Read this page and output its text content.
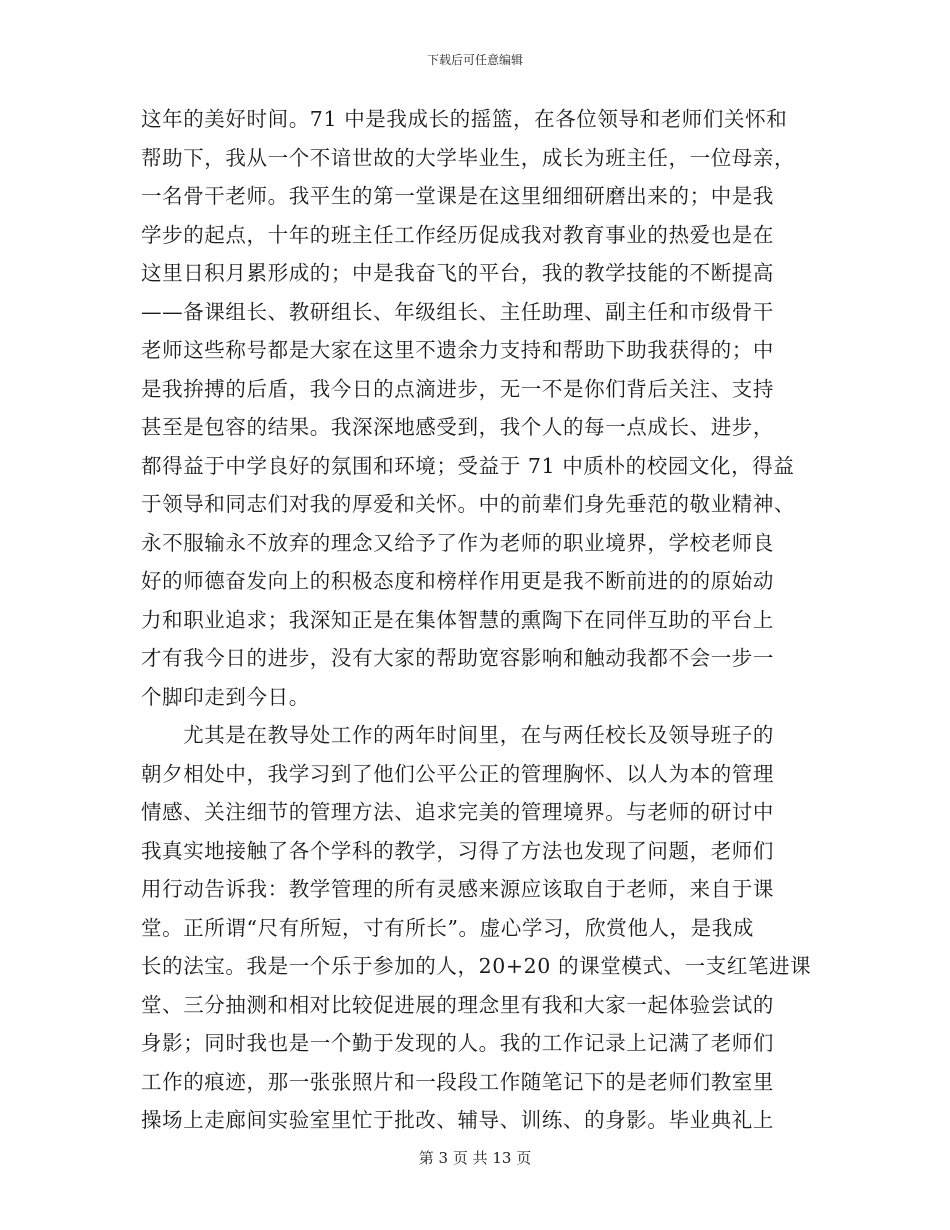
下载后可任意编辑
这年的美好时间。71 中是我成长的摇篮，在各位领导和老师们关怀和
帮助下，我从一个不谙世故的大学毕业生，成长为班主任，一位母亲，
一名骨干老师。我平生的第一堂课是在这里细细研磨出来的；中是我
学步的起点，十年的班主任工作经历促成我对教育事业的热爱也是在
这里日积月累形成的；中是我奋飞的平台，我的教学技能的不断提高
——备课组长、教研组长、年级组长、主任助理、副主任和市级骨干
老师这些称号都是大家在这里不遗余力支持和帮助下助我获得的；中
是我拚搏的后盾，我今日的点滴进步，无一不是你们背后关注、支持
甚至是包容的结果。我深深地感受到，我个人的每一点成长、进步，
都得益于中学良好的氛围和环境；受益于 71 中质朴的校园文化，得益
于领导和同志们对我的厚爱和关怀。中的前辈们身先垂范的敬业精神、
永不服输永不放弃的理念又给予了作为老师的职业境界，学校老师良
好的师德奋发向上的积极态度和榜样作用更是我不断前进的的原始动
力和职业追求；我深知正是在集体智慧的熏陶下在同伴互助的平台上
才有我今日的进步，没有大家的帮助宽容影响和触动我都不会一步一
个脚印走到今日。
　　尤其是在教导处工作的两年时间里，在与两任校长及领导班子的
朝夕相处中，我学习到了他们公平公正的管理胸怀、以人为本的管理
情感、关注细节的管理方法、追求完美的管理境界。与老师的研讨中
我真实地接触了各个学科的教学，习得了方法也发现了问题，老师们
用行动告诉我：教学管理的所有灵感来源应该取自于老师，来自于课
堂。正所谓“尺有所短，寸有所长”。虚心学习，欣赏他人，是我成
长的法宝。我是一个乐于参加的人，20+20 的课堂模式、一支红笔进课
堂、三分抽测和相对比较促进展的理念里有我和大家一起体验尝试的
身影；同时我也是一个勤于发现的人。我的工作记录上记满了老师们
工作的痕迹，那一张张照片和一段段工作随笔记下的是老师们教室里
操场上走廊间实验室里忙于批改、辅导、训练、的身影。毕业典礼上
第 3 页 共 13 页
